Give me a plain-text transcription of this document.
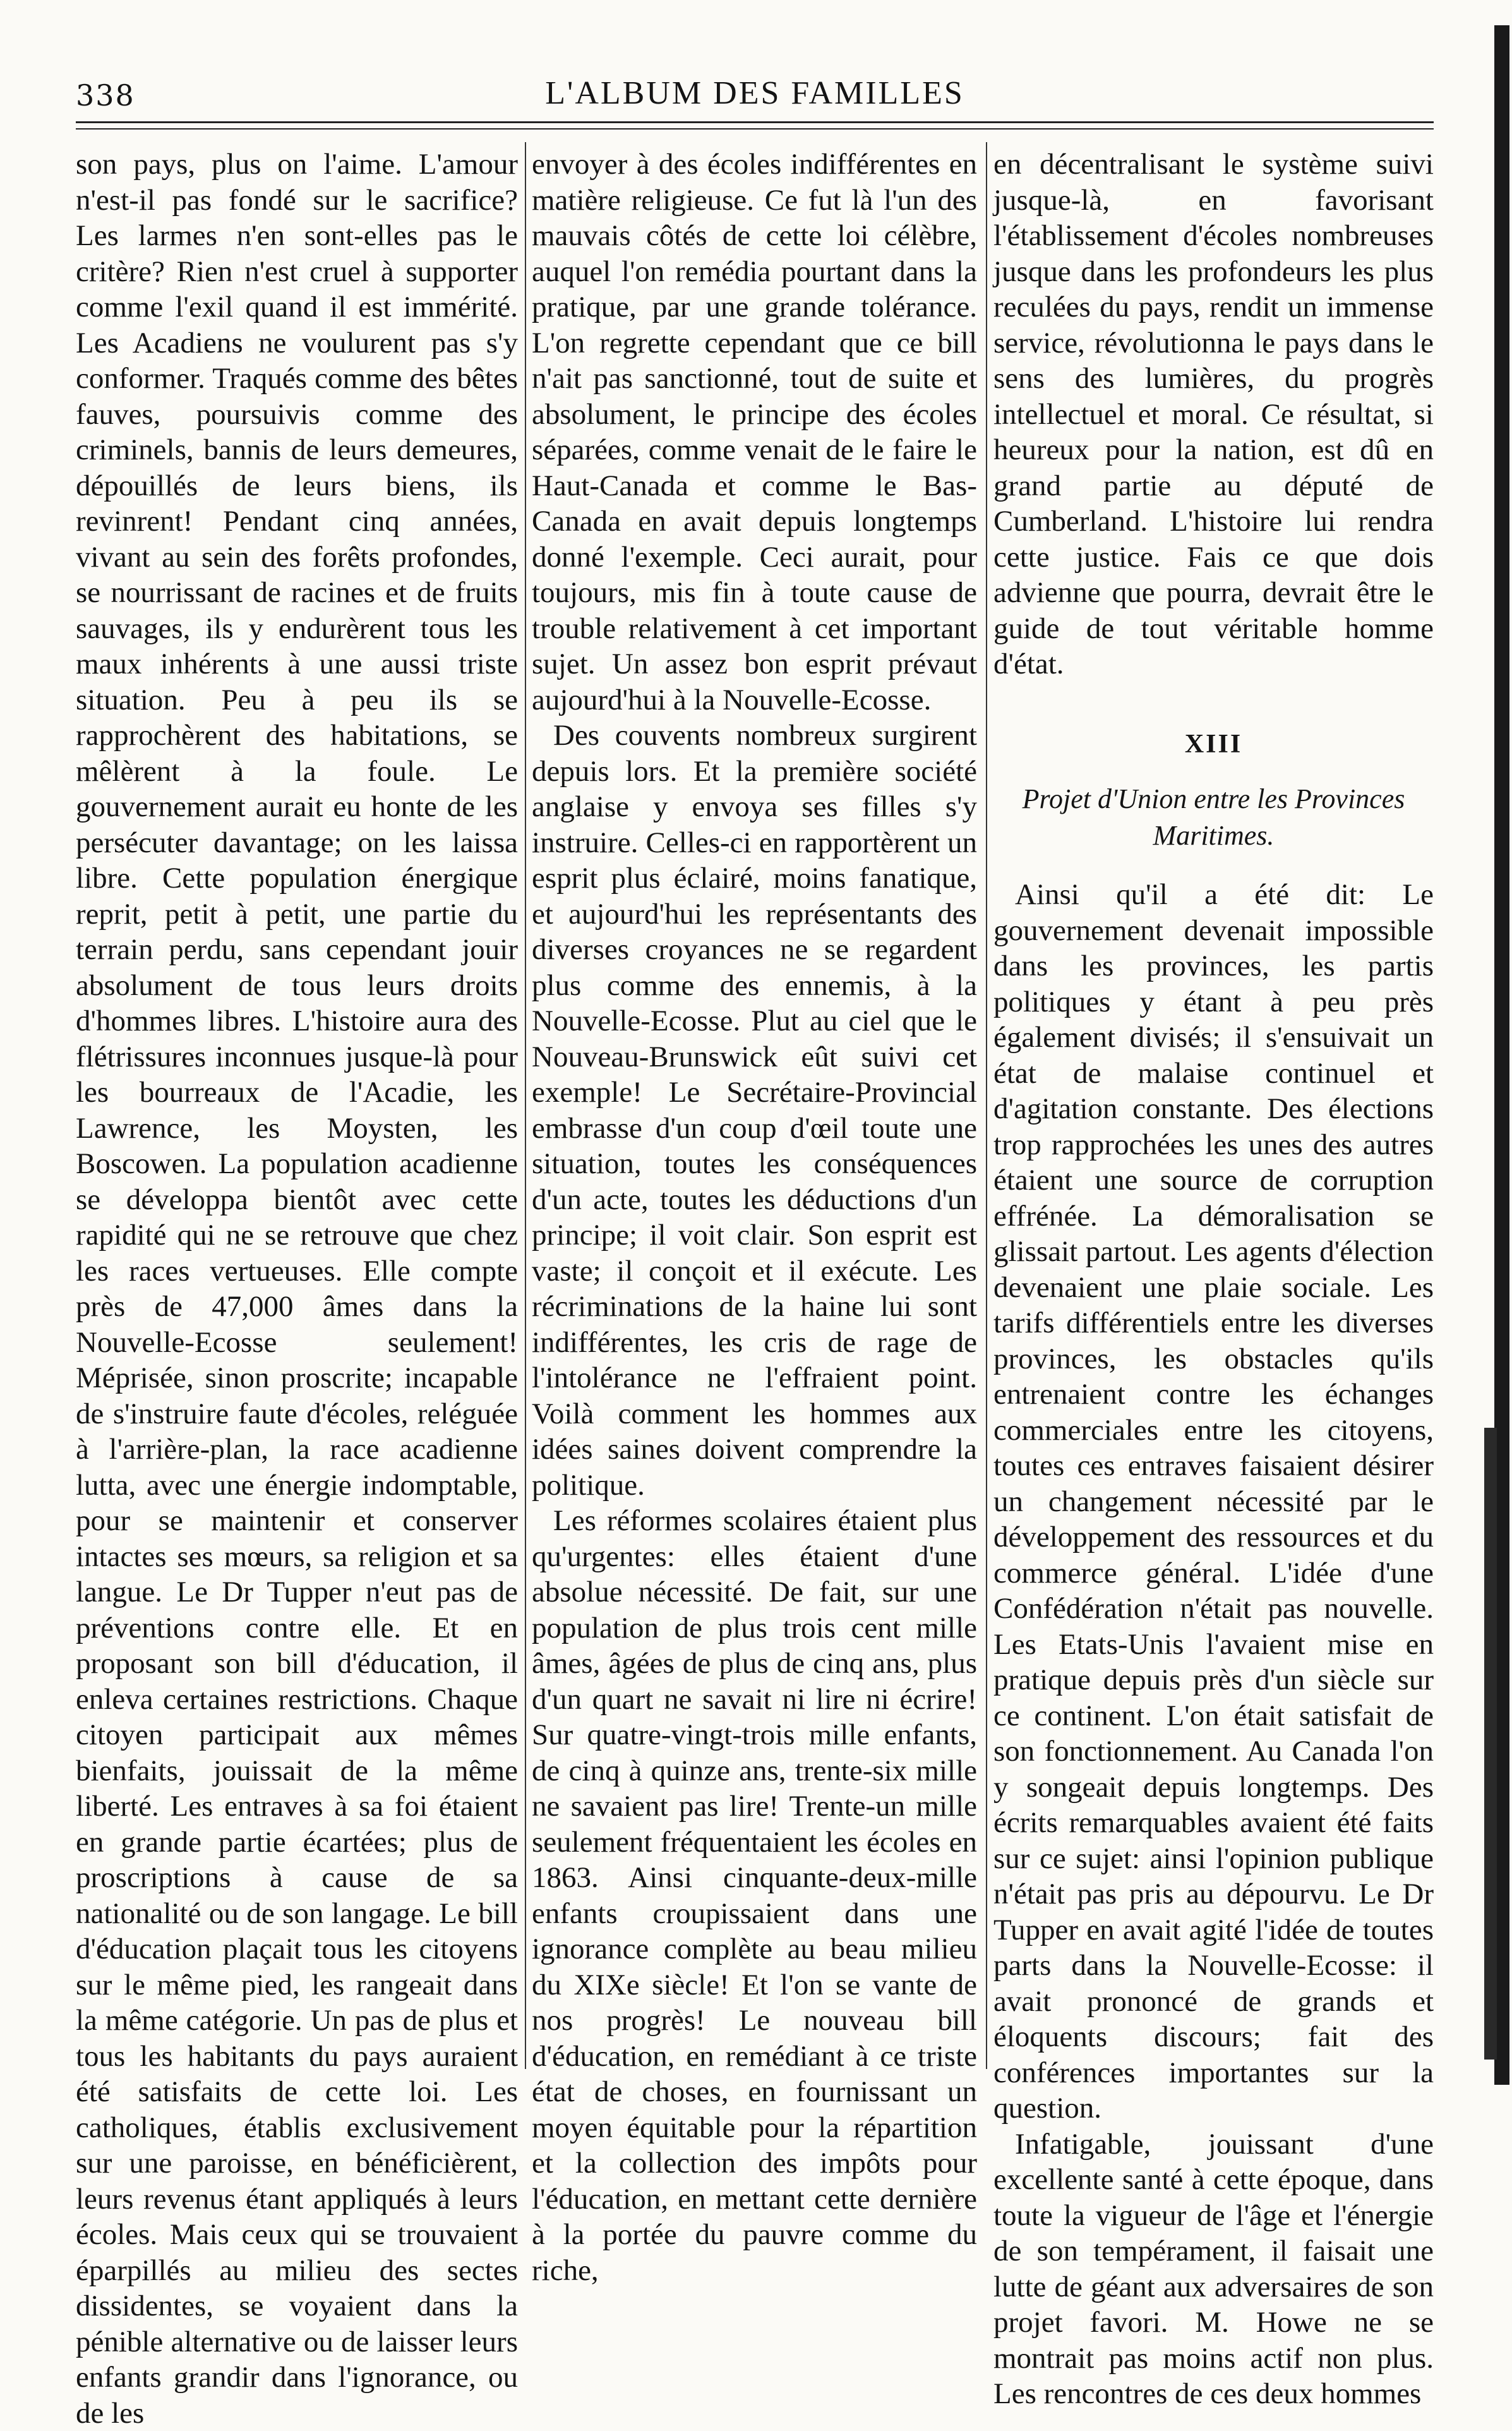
338	L'ALBUM DES FAMILLES

son pays, plus on l'aime. L'amour n'est-il pas fondé sur le sacrifice? Les larmes n'en sont-elles pas le critère? Rien n'est cruel à supporter comme l'exil quand il est immérité. Les Acadiens ne voulurent pas s'y conformer. Traqués comme des bêtes fauves, poursuivis comme des criminels, bannis de leurs demeures, dépouillés de leurs biens, ils revinrent! Pendant cinq années, vivant au sein des forêts profondes, se nourrissant de racines et de fruits sauvages, ils y endurèrent tous les maux inhérents à une aussi triste situation. Peu à peu ils se rapprochèrent des habitations, se mêlèrent à la foule. Le gouvernement aurait eu honte de les persécuter davantage; on les laissa libre. Cette population énergique reprit, petit à petit, une partie du terrain perdu, sans cependant jouir absolument de tous leurs droits d'hommes libres. L'histoire aura des flétrissures inconnues jusque-là pour les bourreaux de l'Acadie, les Lawrence, les Moysten, les Boscowen. La population acadienne se développa bientôt avec cette rapidité qui ne se retrouve que chez les races vertueuses. Elle compte près de 47,000 âmes dans la Nouvelle-Ecosse seulement! Méprisée, sinon proscrite; incapable de s'instruire faute d'écoles, reléguée à l'arrière-plan, la race acadienne lutta, avec une énergie indomptable, pour se maintenir et conserver intactes ses mœurs, sa religion et sa langue. Le Dr Tupper n'eut pas de préventions contre elle. Et en proposant son bill d'éducation, il enleva certaines restrictions. Chaque citoyen participait aux mêmes bienfaits, jouissait de la même liberté. Les entraves à sa foi étaient en grande partie écartées; plus de proscriptions à cause de sa nationalité ou de son langage. Le bill d'éducation plaçait tous les citoyens sur le même pied, les rangeait dans la même catégorie. Un pas de plus et tous les habitants du pays auraient été satisfaits de cette loi. Les catholiques, établis exclusivement sur une paroisse, en bénéficièrent, leurs revenus étant appliqués à leurs écoles. Mais ceux qui se trouvaient éparpillés au milieu des sectes dissidentes, se voyaient dans la pénible alternative ou de laisser leurs enfants grandir dans l'ignorance, ou de les

envoyer à des écoles indifférentes en matière religieuse. Ce fut là l'un des mauvais côtés de cette loi célèbre, auquel l'on remédia pourtant dans la pratique, par une grande tolérance. L'on regrette cependant que ce bill n'ait pas sanctionné, tout de suite et absolument, le principe des écoles séparées, comme venait de le faire le Haut-Canada et comme le Bas-Canada en avait depuis longtemps donné l'exemple. Ceci aurait, pour toujours, mis fin à toute cause de trouble relativement à cet important sujet. Un assez bon esprit prévaut aujourd'hui à la Nouvelle-Ecosse.

Des couvents nombreux surgirent depuis lors. Et la première société anglaise y envoya ses filles s'y instruire. Celles-ci en rapportèrent un esprit plus éclairé, moins fanatique, et aujourd'hui les représentants des diverses croyances ne se regardent plus comme des ennemis, à la Nouvelle-Ecosse. Plut au ciel que le Nouveau-Brunswick eût suivi cet exemple! Le Secrétaire-Provincial embrasse d'un coup d'œil toute une situation, toutes les conséquences d'un acte, toutes les déductions d'un principe; il voit clair. Son esprit est vaste; il conçoit et il exécute. Les récriminations de la haine lui sont indifférentes, les cris de rage de l'intolérance ne l'effraient point. Voilà comment les hommes aux idées saines doivent comprendre la politique.

Les réformes scolaires étaient plus qu'urgentes: elles étaient d'une absolue nécessité. De fait, sur une population de plus trois cent mille âmes, âgées de plus de cinq ans, plus d'un quart ne savait ni lire ni écrire! Sur quatre-vingt-trois mille enfants, de cinq à quinze ans, trente-six mille ne savaient pas lire! Trente-un mille seulement fréquentaient les écoles en 1863. Ainsi cinquante-deux-mille enfants croupissaient dans une ignorance complète au beau milieu du XIXe siècle! Et l'on se vante de nos progrès! Le nouveau bill d'éducation, en remédiant à ce triste état de choses, en fournissant un moyen équitable pour la répartition et la collection des impôts pour l'éducation, en mettant cette dernière à la portée du pauvre comme du riche,

en décentralisant le système suivi jusque-là, en favorisant l'établissement d'écoles nombreuses jusque dans les profondeurs les plus reculées du pays, rendit un immense service, révolutionna le pays dans le sens des lumières, du progrès intellectuel et moral. Ce résultat, si heureux pour la nation, est dû en grand partie au député de Cumberland. L'histoire lui rendra cette justice. Fais ce que dois advienne que pourra, devrait être le guide de tout véritable homme d'état.

XIII
Projet d'Union entre les Provinces Maritimes.

Ainsi qu'il a été dit: Le gouvernement devenait impossible dans les provinces, les partis politiques y étant à peu près également divisés; il s'ensuivait un état de malaise continuel et d'agitation constante. Des élections trop rapprochées les unes des autres étaient une source de corruption effrénée. La démoralisation se glissait partout. Les agents d'élection devenaient une plaie sociale. Les tarifs différentiels entre les diverses provinces, les obstacles qu'ils entrenaient contre les échanges commerciales entre les citoyens, toutes ces entraves faisaient désirer un changement nécessité par le développement des ressources et du commerce général. L'idée d'une Confédération n'était pas nouvelle. Les Etats-Unis l'avaient mise en pratique depuis près d'un siècle sur ce continent. L'on était satisfait de son fonctionnement. Au Canada l'on y songeait depuis longtemps. Des écrits remarquables avaient été faits sur ce sujet: ainsi l'opinion publique n'était pas pris au dépourvu. Le Dr Tupper en avait agité l'idée de toutes parts dans la Nouvelle-Ecosse: il avait prononcé de grands et éloquents discours; fait des conférences importantes sur la question.

Infatigable, jouissant d'une excellente santé à cette époque, dans toute la vigueur de l'âge et l'énergie de son tempérament, il faisait une lutte de géant aux adversaires de son projet favori. M. Howe ne se montrait pas moins actif non plus. Les rencontres de ces deux hommes
